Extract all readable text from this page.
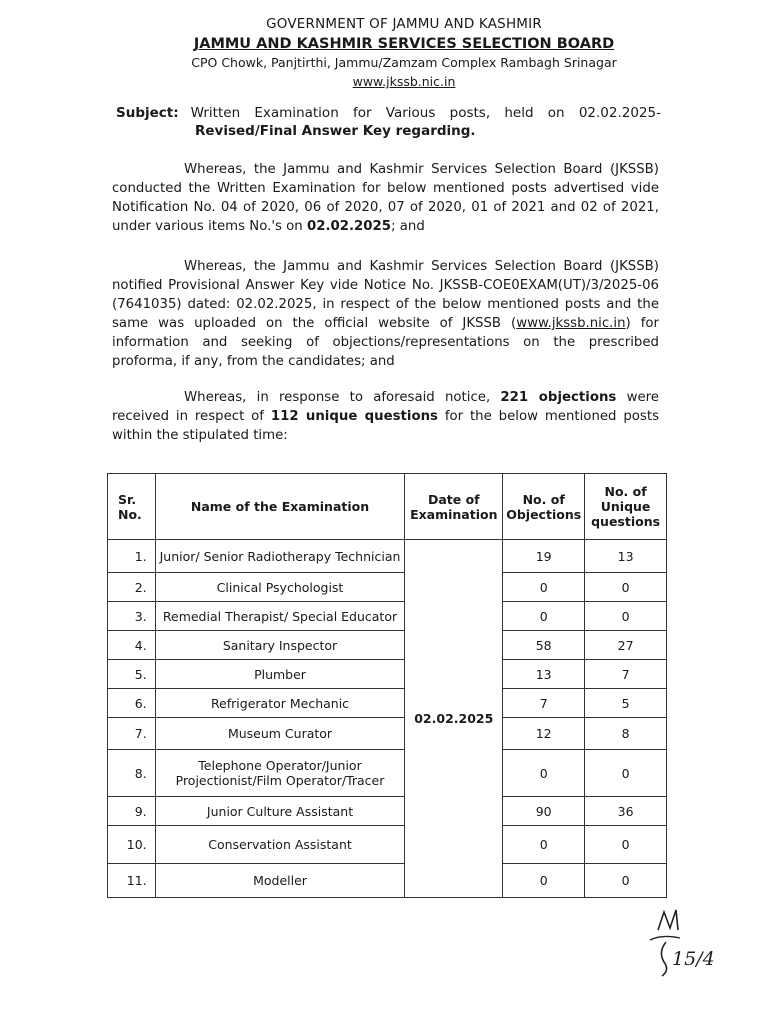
GOVERNMENT OF JAMMU AND KASHMIR
JAMMU AND KASHMIR SERVICES SELECTION BOARD
CPO Chowk, Panjtirthi, Jammu/Zamzam Complex Rambagh Srinagar
www.jkssb.nic.in
Subject: Written Examination for Various posts, held on 02.02.2025-
Revised/Final Answer Key regarding.
Whereas, the Jammu and Kashmir Services Selection Board (JKSSB) conducted the Written Examination for below mentioned posts advertised vide Notification No. 04 of 2020, 06 of 2020, 07 of 2020, 01 of 2021 and 02 of 2021, under various items No.'s on 02.02.2025; and
Whereas, the Jammu and Kashmir Services Selection Board (JKSSB) notified Provisional Answer Key vide Notice No. JKSSB-COE0EXAM(UT)/3/2025-06 (7641035) dated: 02.02.2025, in respect of the below mentioned posts and the same was uploaded on the official website of JKSSB (www.jkssb.nic.in) for information and seeking of objections/representations on the prescribed proforma, if any, from the candidates; and
Whereas, in response to aforesaid notice, 221 objections were received in respect of 112 unique questions for the below mentioned posts within the stipulated time:
Sr. No.	Name of the Examination	Date of Examination	No. of Objections	No. of Unique questions
1.	Junior/ Senior Radiotherapy Technician	02.02.2025	19	13
2.	Clinical Psychologist		0	0
3.	Remedial Therapist/ Special Educator		0	0
4.	Sanitary Inspector		58	27
5.	Plumber		13	7
6.	Refrigerator Mechanic		7	5
7.	Museum Curator		12	8
8.	Telephone Operator/Junior Projectionist/Film Operator/Tracer		0	0
9.	Junior Culture Assistant		90	36
10.	Conservation Assistant		0	0
11.	Modeller		0	0
15/4
